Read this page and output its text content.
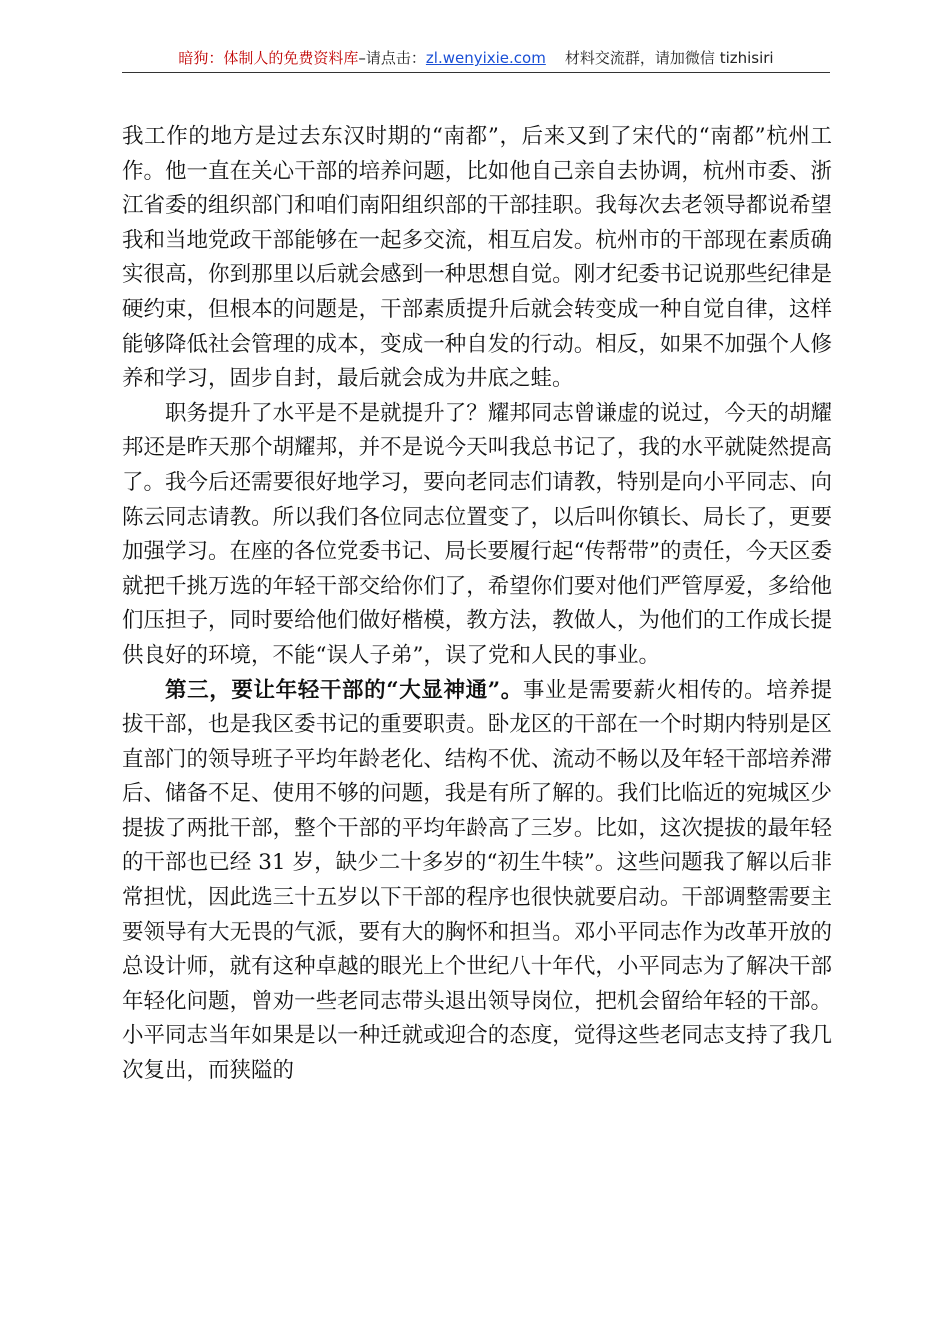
暗狗：体制人的免费资料库–请点击：zl.wenyixie.com 材料交流群，请加微信 tizhisiri

我工作的地方是过去东汉时期的“南都”，后来又到了宋代的“南都”杭州工作。他一直在关心干部的培养问题，比如他自己亲自去协调，杭州市委、浙江省委的组织部门和咱们南阳组织部的干部挂职。我每次去老领导都说希望我和当地党政干部能够在一起多交流，相互启发。杭州市的干部现在素质确实很高，你到那里以后就会感到一种思想自觉。刚才纪委书记说那些纪律是硬约束，但根本的问题是，干部素质提升后就会转变成一种自觉自律，这样能够降低社会管理的成本，变成一种自发的行动。相反，如果不加强个人修养和学习，固步自封，最后就会成为井底之蛙。

职务提升了水平是不是就提升了？耀邦同志曾谦虚的说过，今天的胡耀邦还是昨天那个胡耀邦，并不是说今天叫我总书记了，我的水平就陡然提高了。我今后还需要很好地学习，要向老同志们请教，特别是向小平同志、向陈云同志请教。所以我们各位同志位置变了，以后叫你镇长、局长了，更要加强学习。在座的各位党委书记、局长要履行起“传帮带”的责任，今天区委就把千挑万选的年轻干部交给你们了，希望你们要对他们严管厚爱，多给他们压担子，同时要给他们做好楷模，教方法，教做人，为他们的工作成长提供良好的环境，不能“误人子弟”，误了党和人民的事业。

第三，要让年轻干部的“大显神通”。事业是需要薪火相传的。培养提拔干部，也是我区委书记的重要职责。卧龙区的干部在一个时期内特别是区直部门的领导班子平均年龄老化、结构不优、流动不畅以及年轻干部培养滞后、储备不足、使用不够的问题，我是有所了解的。我们比临近的宛城区少提拔了两批干部，整个干部的平均年龄高了三岁。比如，这次提拔的最年轻的干部也已经 31 岁，缺少二十多岁的“初生牛犊”。这些问题我了解以后非常担忧，因此选三十五岁以下干部的程序也很快就要启动。干部调整需要主要领导有大无畏的气派，要有大的胸怀和担当。邓小平同志作为改革开放的总设计师，就有这种卓越的眼光上个世纪八十年代，小平同志为了解决干部年轻化问题，曾劝一些老同志带头退出领导岗位，把机会留给年轻的干部。小平同志当年如果是以一种迁就或迎合的态度，觉得这些老同志支持了我几次复出，而狭隘的
